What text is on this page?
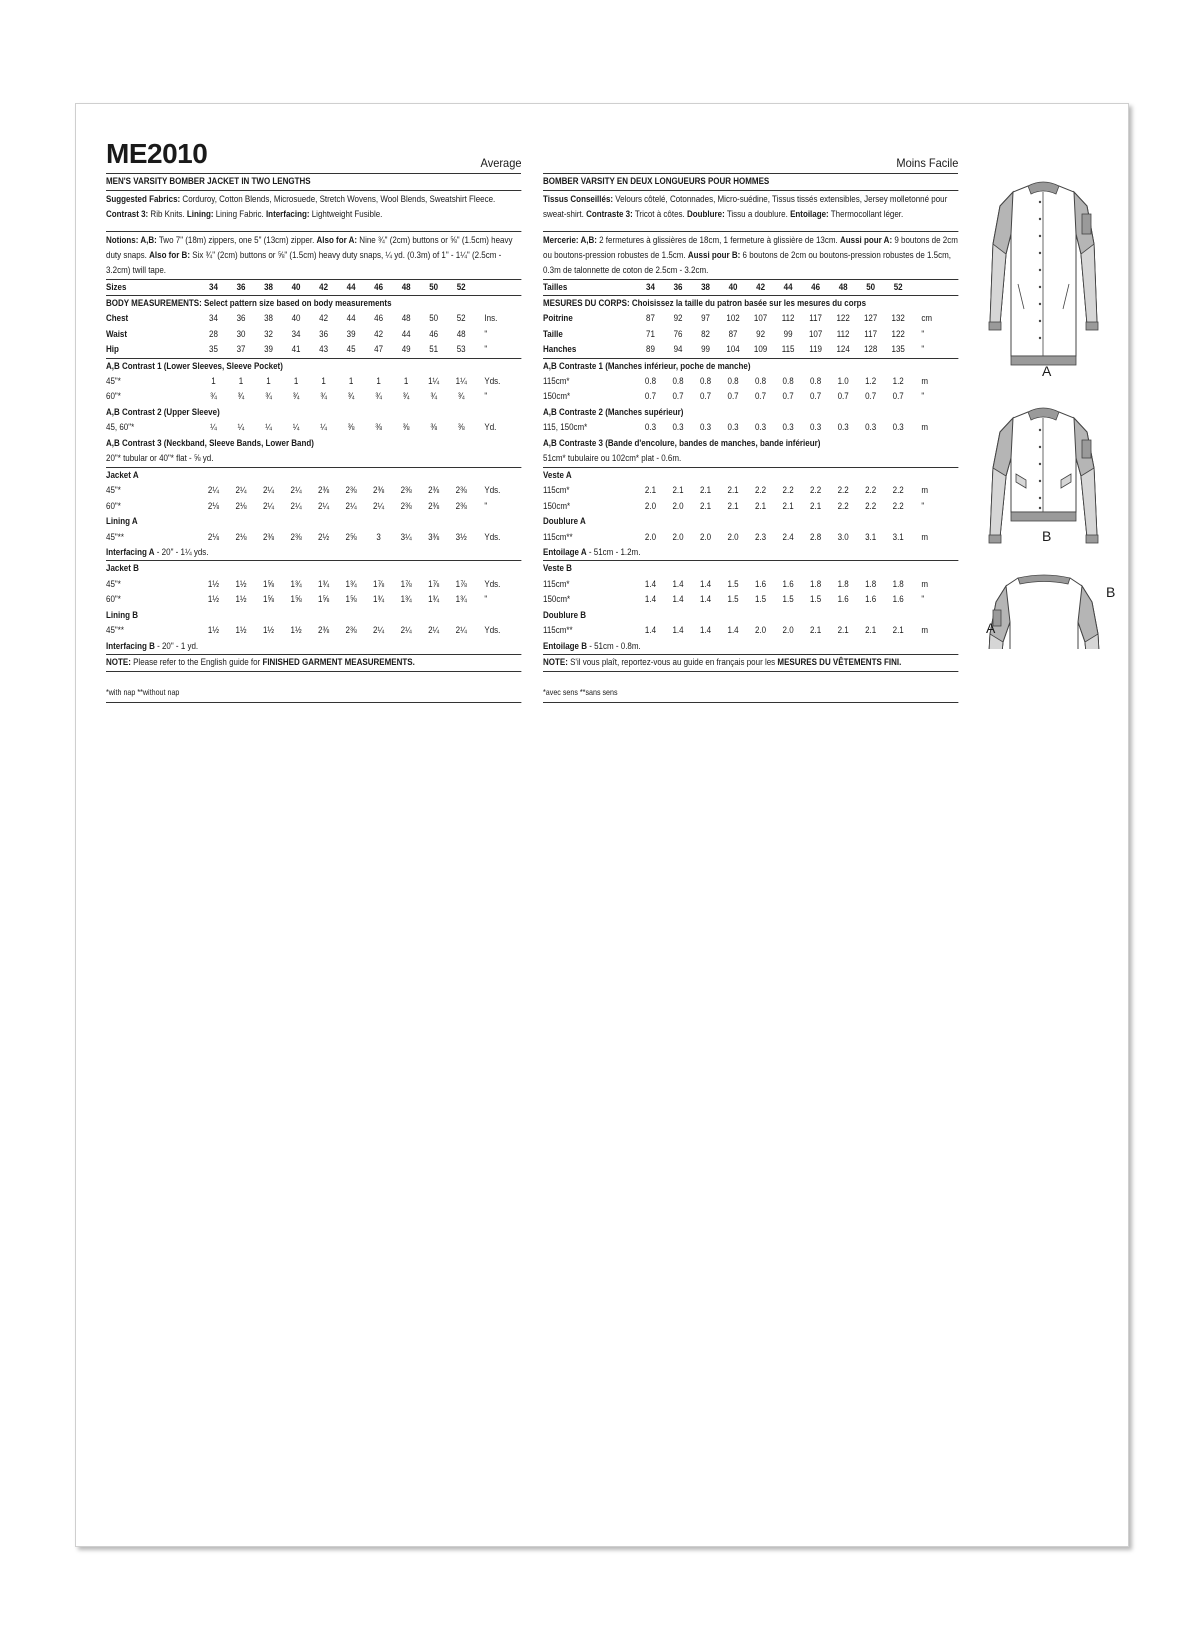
ME2010	Average
MEN'S VARSITY BOMBER JACKET IN TWO LENGTHS
Suggested Fabrics: Corduroy, Cotton Blends, Microsuede, Stretch Wovens, Wool Blends, Sweatshirt Fleece. Contrast 3: Rib Knits. Lining: Lining Fabric. Interfacing: Lightweight Fusible.
Notions: A,B: Two 7" (18m) zippers, one 5" (13cm) zipper. Also for A: Nine ¾" (2cm) buttons or ⅝" (1.5cm) heavy duty snaps. Also for B: Six ¾" (2cm) buttons or ⅝" (1.5cm) heavy duty snaps, ¼ yd. (0.3m) of 1" - 1¼" (2.5cm - 3.2cm) twill tape.
Sizes	34	36	38	40	42	44	46	48	50	52
BODY MEASUREMENTS: Select pattern size based on body measurements
Chest	34	36	38	40	42	44	46	48	50	52	Ins.
Waist	28	30	32	34	36	39	42	44	46	48	"
Hip	35	37	39	41	43	45	47	49	51	53	"
A,B Contrast 1 (Lower Sleeves, Sleeve Pocket)
45"*	1	1	1	1	1	1	1	1	1¼	1¼	Yds.
60"*	¾	¾	¾	¾	¾	¾	¾	¾	¾	¾	"
A,B Contrast 2 (Upper Sleeve)
45, 60"*	¼	¼	¼	¼	¼	⅜	⅜	⅜	⅜	⅜	Yd.
A,B Contrast 3 (Neckband, Sleeve Bands, Lower Band)
20"* tubular or 40"* flat - ⅝ yd.
Jacket A
45"*	2¼	2¼	2¼	2¼	2⅜	2⅜	2⅜	2⅜	2⅜	2⅜	Yds.
60"*	2⅛	2⅛	2¼	2¼	2¼	2¼	2¼	2⅜	2⅜	2⅜	"
Lining A
45"**	2⅛	2⅛	2⅜	2⅜	2½	2⅝	3	3¼	3⅜	3½	Yds.
Interfacing A - 20" - 1¼ yds.
Jacket B
45"*	1½	1½	1⅝	1¾	1¾	1¾	1⅞	1⅞	1⅞	1⅞	Yds.
60"*	1½	1½	1⅝	1⅝	1⅝	1⅝	1¾	1¾	1¾	1¾	"
Lining B
45"**	1½	1½	1½	1½	2⅜	2⅜	2¼	2¼	2¼	2¼	Yds.
Interfacing B - 20" - 1 yd.
NOTE: Please refer to the English guide for FINISHED GARMENT MEASUREMENTS.
*with nap **without nap
Moins Facile
BOMBER VARSITY EN DEUX LONGUEURS POUR HOMMES
Tissus Conseillés: Velours côtelé, Cotonnades, Micro-suédine, Tissus tissés extensibles, Jersey molletonné pour sweat-shirt. Contraste 3: Tricot à côtes. Doublure: Tissu a doublure. Entoilage: Thermocollant léger.
Mercerie: A,B: 2 fermetures à glissières de 18cm, 1 fermeture à glissière de 13cm. Aussi pour A: 9 boutons de 2cm ou boutons-pression robustes de 1.5cm. Aussi pour B: 6 boutons de 2cm ou boutons-pression robustes de 1.5cm, 0.3m de talonnette de coton de 2.5cm - 3.2cm.
Tailles	34	36	38	40	42	44	46	48	50	52
MESURES DU CORPS: Choisissez la taille du patron basée sur les mesures du corps
Poitrine	87	92	97	102	107	112	117	122	127	132	cm
Taille	71	76	82	87	92	99	107	112	117	122	"
Hanches	89	94	99	104	109	115	119	124	128	135	"
A,B Contraste 1 (Manches inférieur, poche de manche)
115cm*	0.8	0.8	0.8	0.8	0.8	0.8	0.8	1.0	1.2	1.2	m
150cm*	0.7	0.7	0.7	0.7	0.7	0.7	0.7	0.7	0.7	0.7	"
A,B Contraste 2 (Manches supérieur)
115, 150cm*	0.3	0.3	0.3	0.3	0.3	0.3	0.3	0.3	0.3	0.3	m
A,B Contraste 3 (Bande d'encolure, bandes de manches, bande inférieur)
51cm* tubulaire ou 102cm* plat - 0.6m.
Veste A
115cm*	2.1	2.1	2.1	2.1	2.2	2.2	2.2	2.2	2.2	2.2	m
150cm*	2.0	2.0	2.1	2.1	2.1	2.1	2.1	2.2	2.2	2.2	"
Doublure A
115cm**	2.0	2.0	2.0	2.0	2.3	2.4	2.8	3.0	3.1	3.1	m
Entoilage A - 51cm - 1.2m.
Veste B
115cm*	1.4	1.4	1.4	1.5	1.6	1.6	1.8	1.8	1.8	1.8	m
150cm*	1.4	1.4	1.4	1.5	1.5	1.5	1.5	1.6	1.6	1.6	"
Doublure B
115cm**	1.4	1.4	1.4	1.4	2.0	2.0	2.1	2.1	2.1	2.1	m
Entoilage B - 51cm - 0.8m.
NOTE: S'il vous plaît, reportez-vous au guide en français pour les MESURES DU VÊTEMENTS FINI.
*avec sens **sans sens
A
B
B
A
